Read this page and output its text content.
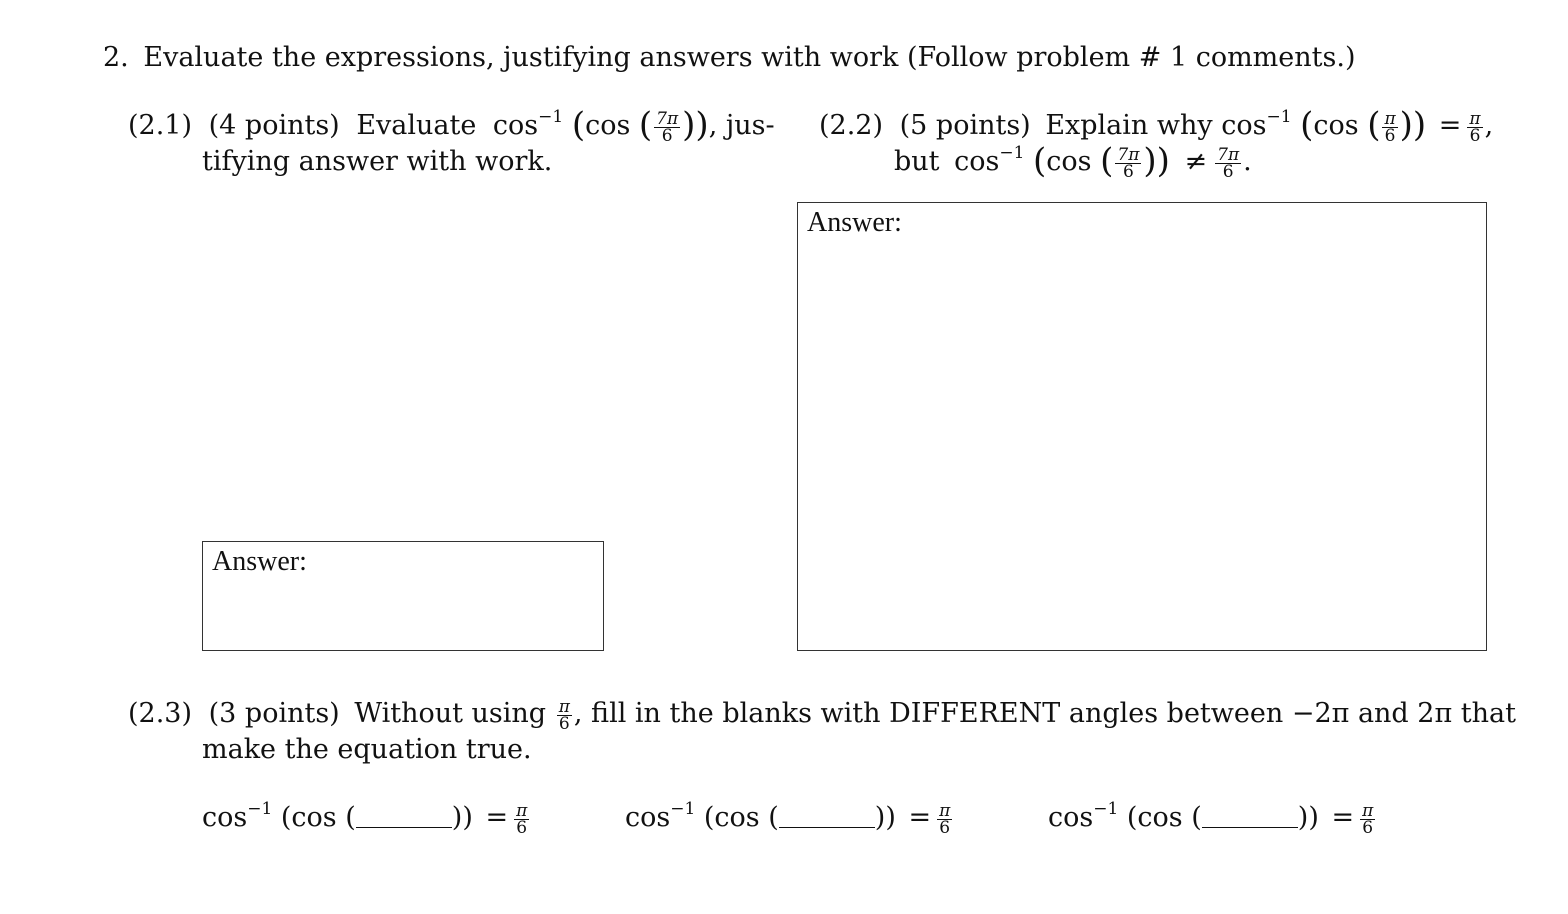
2. Evaluate the expressions, justifying answers with work (Follow problem # 1 comments.)
(2.1) (4 points) Evaluate $\cos^{-1} (\cos$ ( $\frac{7\pi}{6}$ )), jus-
tifying answer with work.
(2.2) (5 points) Explain why $\cos^{-1} (\cos$ ( $\frac{\pi}{6}$ )) = $\frac{\pi}{6}$ ,
but $\cos^{-1} (\cos$ ( $\frac{7\pi}{6}$ )) ≠ $\frac{7\pi}{6}$ .
Answer:
Answer:
(2.3) (3 points) Without using $\frac{\pi}{6}$ , fill in the blanks with DIFFERENT angles between −2π and 2π that
make the equation true.
$\cos^{-1} (\cos$ (	)) = $\frac{\pi}{6}$	$\cos^{-1} (\cos$ (	)) = $\frac{\pi}{6}$	$\cos^{-1} (\cos$ (	)) = $\frac{\pi}{6}$
